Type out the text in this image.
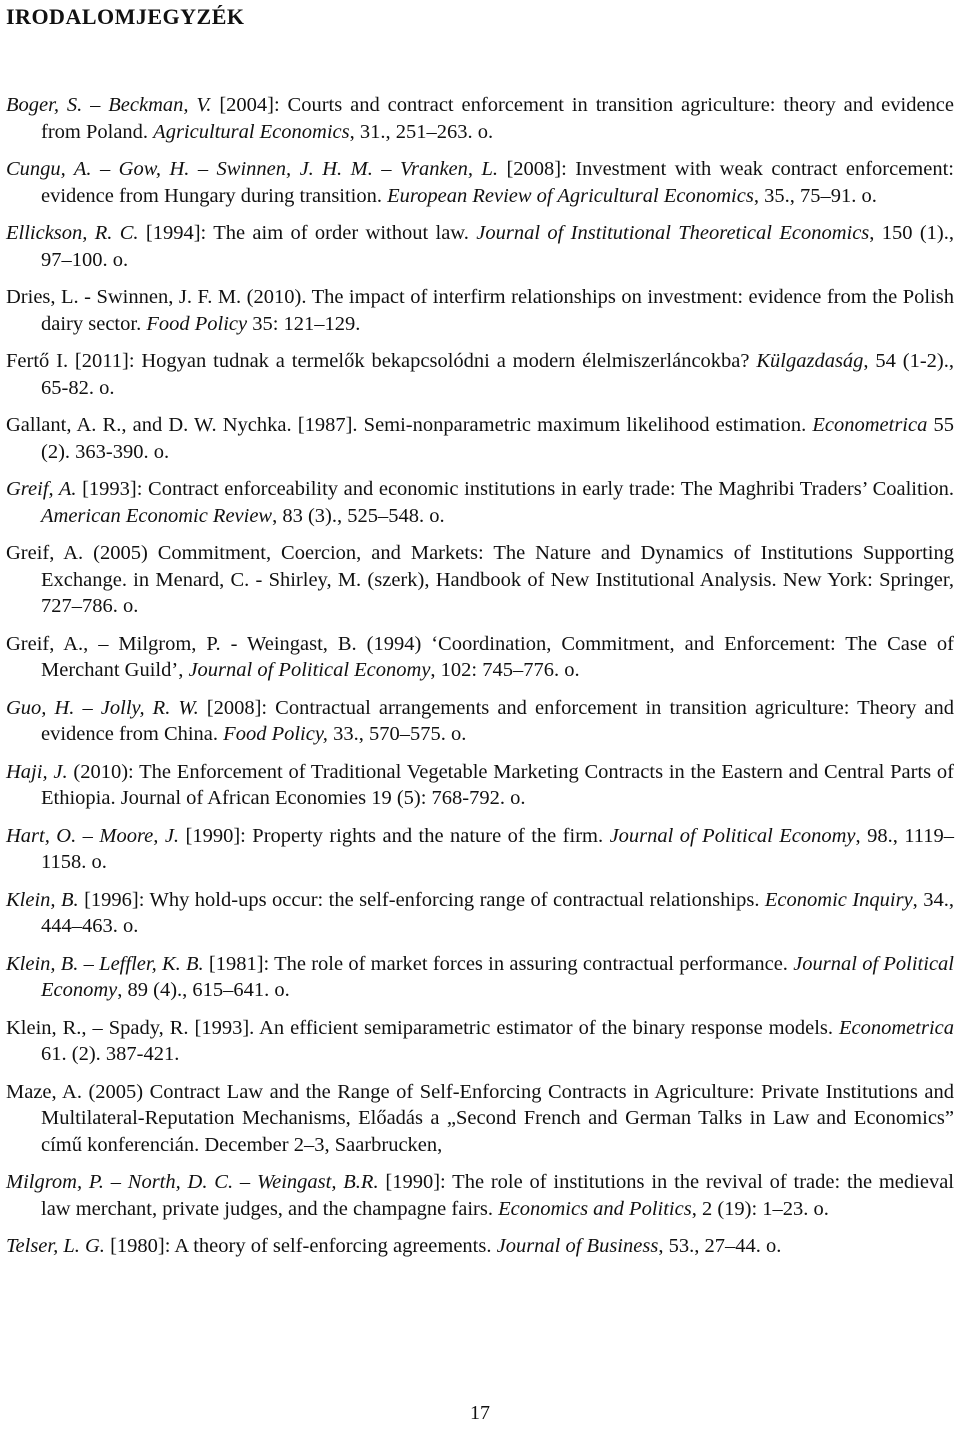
IRODALOMJEGYZÉK

Boger, S. – Beckman, V. [2004]: Courts and contract enforcement in transition agriculture: theory and evidence from Poland. Agricultural Economics, 31., 251–263. o.

Cungu, A. – Gow, H. – Swinnen, J. H. M. – Vranken, L. [2008]: Investment with weak contract enforcement: evidence from Hungary during transition. European Review of Agricultural Economics, 35., 75–91. o.

Ellickson, R. C. [1994]: The aim of order without law. Journal of Institutional Theoretical Economics, 150 (1)., 97–100. o.

Dries, L. - Swinnen, J. F. M. (2010). The impact of interfirm relationships on investment: evidence from the Polish dairy sector. Food Policy 35: 121–129.

Fertő I. [2011]: Hogyan tudnak a termelők bekapcsolódni a modern élelmiszerláncokba? Külgazdaság, 54 (1-2)., 65-82. o.

Gallant, A. R., and D. W. Nychka. [1987]. Semi-nonparametric maximum likelihood estimation. Econometrica 55 (2). 363-390. o.

Greif, A. [1993]: Contract enforceability and economic institutions in early trade: The Maghribi Traders’ Coalition. American Economic Review, 83 (3)., 525–548. o.

Greif, A. (2005) Commitment, Coercion, and Markets: The Nature and Dynamics of Institutions Supporting Exchange. in Menard, C. - Shirley, M. (szerk), Handbook of New Institutional Analysis. New York: Springer, 727–786. o.

Greif, A., – Milgrom, P. - Weingast, B. (1994) ‘Coordination, Commitment, and Enforcement: The Case of Merchant Guild’, Journal of Political Economy, 102: 745–776. o.

Guo, H. – Jolly, R. W. [2008]: Contractual arrangements and enforcement in transition agriculture: Theory and evidence from China. Food Policy, 33., 570–575. o.

Haji, J. (2010): The Enforcement of Traditional Vegetable Marketing Contracts in the Eastern and Central Parts of Ethiopia. Journal of African Economies 19 (5): 768-792. o.

Hart, O. – Moore, J. [1990]: Property rights and the nature of the firm. Journal of Political Economy, 98., 1119–1158. o.

Klein, B. [1996]: Why hold-ups occur: the self-enforcing range of contractual relationships. Economic Inquiry, 34., 444–463. o.

Klein, B. – Leffler, K. B. [1981]: The role of market forces in assuring contractual performance. Journal of Political Economy, 89 (4)., 615–641. o.

Klein, R., – Spady, R. [1993]. An efficient semiparametric estimator of the binary response models. Econometrica 61. (2). 387-421.

Maze, A. (2005) Contract Law and the Range of Self-Enforcing Contracts in Agriculture: Private Institutions and Multilateral-Reputation Mechanisms, Előadás a „Second French and German Talks in Law and Economics” című konferencián. December 2–3, Saarbrucken,

Milgrom, P. – North, D. C. – Weingast, B.R. [1990]: The role of institutions in the revival of trade: the medieval law merchant, private judges, and the champagne fairs. Economics and Politics, 2 (19): 1–23. o.

Telser, L. G. [1980]: A theory of self-enforcing agreements. Journal of Business, 53., 27–44. o.

17
